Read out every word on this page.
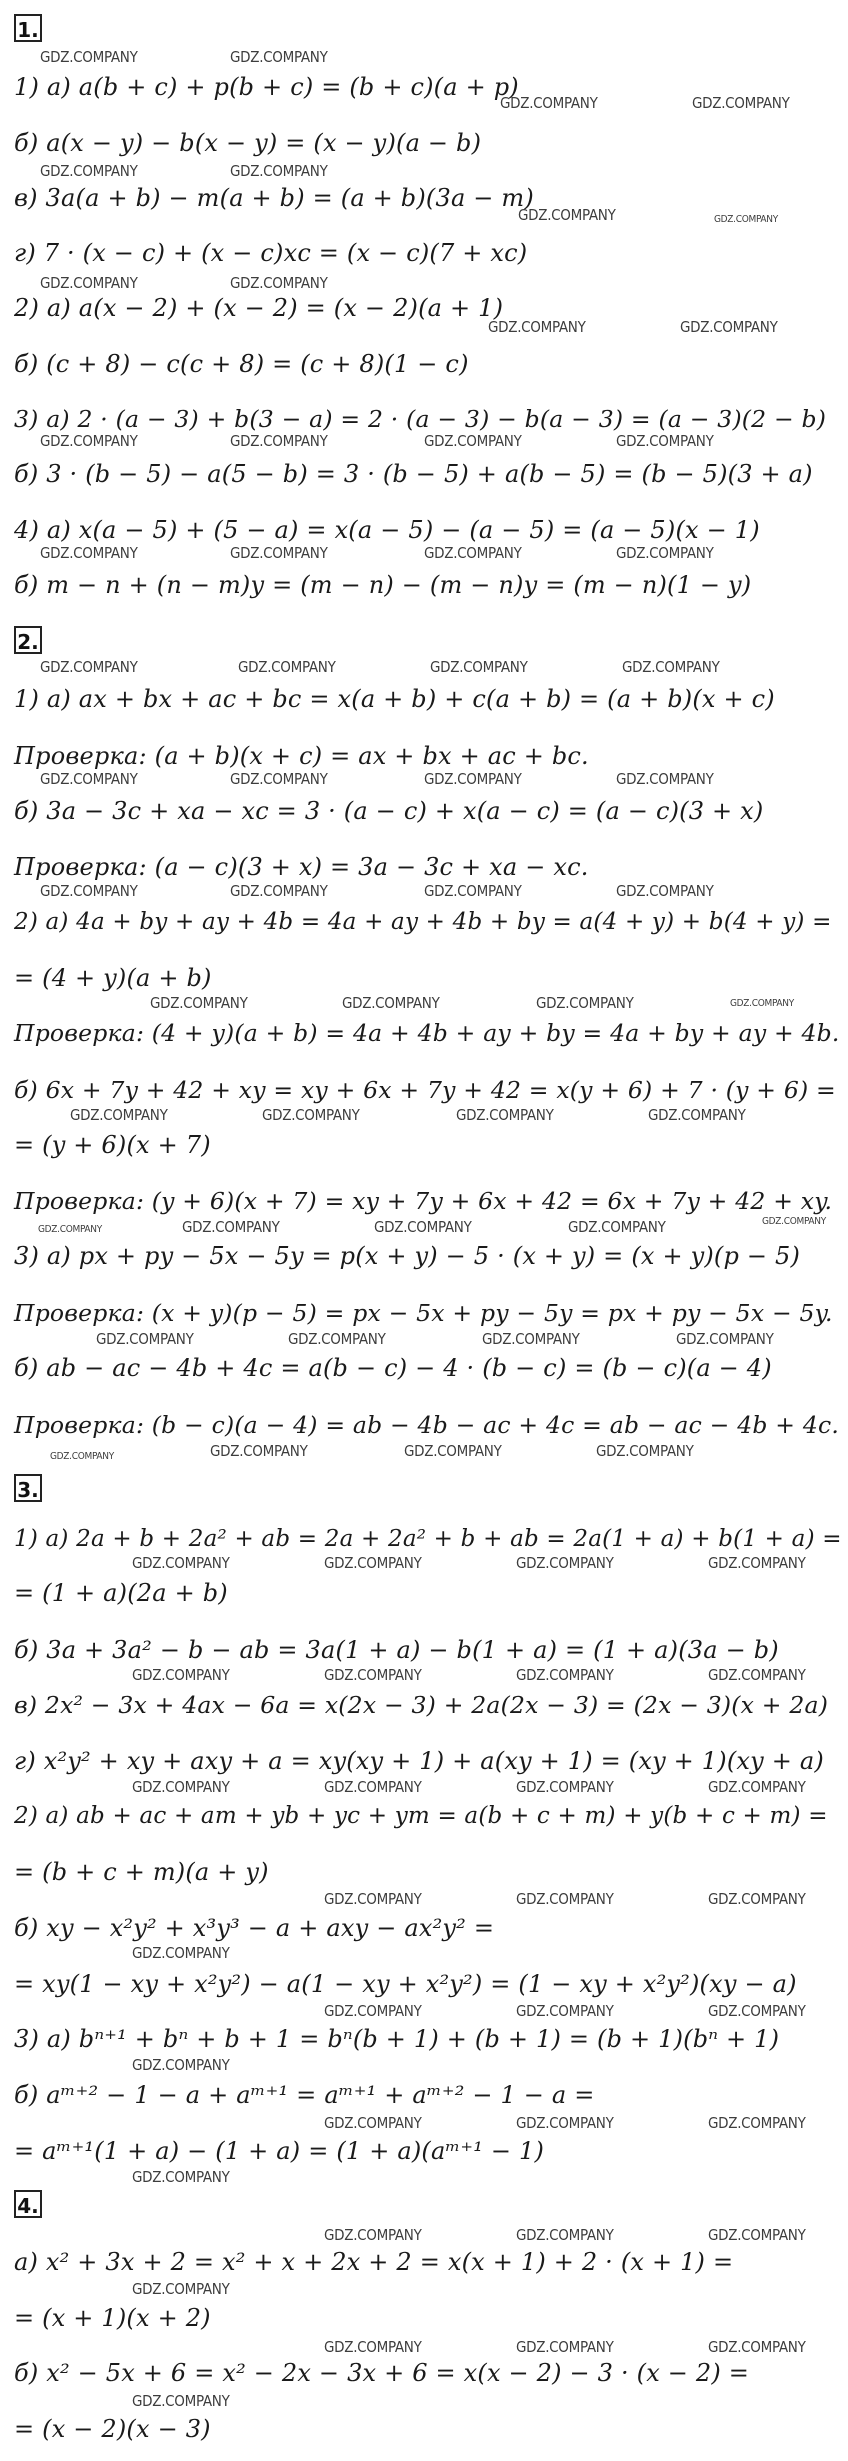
1.
2.
3.
4.
1) а) a(b + c) + p(b + c) = (b + c)(a + p)
б) a(x − y) − b(x − y) = (x − y)(a − b)
в) 3a(a + b) − m(a + b) = (a + b)(3a − m)
г) 7 · (x − c) + (x − c)xc = (x − c)(7 + xc)
2) а) a(x − 2) + (x − 2) = (x − 2)(a + 1)
б) (c + 8) − c(c + 8) = (c + 8)(1 − c)
3) а) 2 · (a − 3) + b(3 − a) = 2 · (a − 3) − b(a − 3) = (a − 3)(2 − b)
б) 3 · (b − 5) − a(5 − b) = 3 · (b − 5) + a(b − 5) = (b − 5)(3 + a)
4) а) x(a − 5) + (5 − a) = x(a − 5) − (a − 5) = (a − 5)(x − 1)
б) m − n + (n − m)y = (m − n) − (m − n)y = (m − n)(1 − y)
1) а) ax + bx + ac + bc = x(a + b) + c(a + b) = (a + b)(x + c)
Проверка: (a + b)(x + c) = ax + bx + ac + bc.
б) 3a − 3c + xa − xc = 3 · (a − c) + x(a − c) = (a − c)(3 + x)
Проверка: (a − c)(3 + x) = 3a − 3c + xa − xc.
2) а) 4a + by + ay + 4b = 4a + ay + 4b + by = a(4 + y) + b(4 + y) =
= (4 + y)(a + b)
Проверка: (4 + y)(a + b) = 4a + 4b + ay + by = 4a + by + ay + 4b.
б) 6x + 7y + 42 + xy = xy + 6x + 7y + 42 = x(y + 6) + 7 · (y + 6) =
= (y + 6)(x + 7)
Проверка: (y + 6)(x + 7) = xy + 7y + 6x + 42 = 6x + 7y + 42 + xy.
3) а) px + py − 5x − 5y = p(x + y) − 5 · (x + y) = (x + y)(p − 5)
Проверка: (x + y)(p − 5) = px − 5x + py − 5y = px + py − 5x − 5y.
б) ab − ac − 4b + 4c = a(b − c) − 4 · (b − c) = (b − c)(a − 4)
Проверка: (b − c)(a − 4) = ab − 4b − ac + 4c = ab − ac − 4b + 4c.
1) а) 2a + b + 2a² + ab = 2a + 2a² + b + ab = 2a(1 + a) + b(1 + a) =
= (1 + a)(2a + b)
б) 3a + 3a² − b − ab = 3a(1 + a) − b(1 + a) = (1 + a)(3a − b)
в) 2x² − 3x + 4ax − 6a = x(2x − 3) + 2a(2x − 3) = (2x − 3)(x + 2a)
г) x²y² + xy + axy + a = xy(xy + 1) + a(xy + 1) = (xy + 1)(xy + a)
2) а) ab + ac + am + yb + yc + ym = a(b + c + m) + y(b + c + m) =
= (b + c + m)(a + y)
б) xy − x²y² + x³y³ − a + axy − ax²y² =
= xy(1 − xy + x²y²) − a(1 − xy + x²y²) = (1 − xy + x²y²)(xy − a)
3) а) bⁿ⁺¹ + bⁿ + b + 1 = bⁿ(b + 1) + (b + 1) = (b + 1)(bⁿ + 1)
б) aᵐ⁺² − 1 − a + aᵐ⁺¹ = aᵐ⁺¹ + aᵐ⁺² − 1 − a =
= aᵐ⁺¹(1 + a) − (1 + a) = (1 + a)(aᵐ⁺¹ − 1)
а) x² + 3x + 2 = x² + x + 2x + 2 = x(x + 1) + 2 · (x + 1) =
= (x + 1)(x + 2)
б) x² − 5x + 6 = x² − 2x − 3x + 6 = x(x − 2) − 3 · (x − 2) =
= (x − 2)(x − 3)
GDZ.COMPANY	GDZ.COMPANY
GDZ.COMPANY	GDZ.COMPANY
GDZ.COMPANY	GDZ.COMPANY
GDZ.COMPANY	GDZ.COMPANY
GDZ.COMPANY	GDZ.COMPANY
GDZ.COMPANY	GDZ.COMPANY
GDZ.COMPANY	GDZ.COMPANY	GDZ.COMPANY	GDZ.COMPANY
GDZ.COMPANY	GDZ.COMPANY	GDZ.COMPANY	GDZ.COMPANY
GDZ.COMPANY	GDZ.COMPANY	GDZ.COMPANY	GDZ.COMPANY
GDZ.COMPANY	GDZ.COMPANY	GDZ.COMPANY	GDZ.COMPANY
GDZ.COMPANY	GDZ.COMPANY	GDZ.COMPANY	GDZ.COMPANY
GDZ.COMPANY	GDZ.COMPANY	GDZ.COMPANY	GDZ.COMPANY
GDZ.COMPANY	GDZ.COMPANY	GDZ.COMPANY	GDZ.COMPANY
GDZ.COMPANY	GDZ.COMPANY	GDZ.COMPANY	GDZ.COMPANY	GDZ.COMPANY
GDZ.COMPANY	GDZ.COMPANY	GDZ.COMPANY	GDZ.COMPANY
GDZ.COMPANY	GDZ.COMPANY	GDZ.COMPANY	GDZ.COMPANY
GDZ.COMPANY	GDZ.COMPANY	GDZ.COMPANY	GDZ.COMPANY
GDZ.COMPANY	GDZ.COMPANY	GDZ.COMPANY	GDZ.COMPANY
GDZ.COMPANY	GDZ.COMPANY	GDZ.COMPANY	GDZ.COMPANY
GDZ.COMPANY	GDZ.COMPANY	GDZ.COMPANY
GDZ.COMPANY
GDZ.COMPANY	GDZ.COMPANY	GDZ.COMPANY
GDZ.COMPANY
GDZ.COMPANY	GDZ.COMPANY	GDZ.COMPANY
GDZ.COMPANY
GDZ.COMPANY	GDZ.COMPANY	GDZ.COMPANY
GDZ.COMPANY
GDZ.COMPANY	GDZ.COMPANY	GDZ.COMPANY
GDZ.COMPANY
